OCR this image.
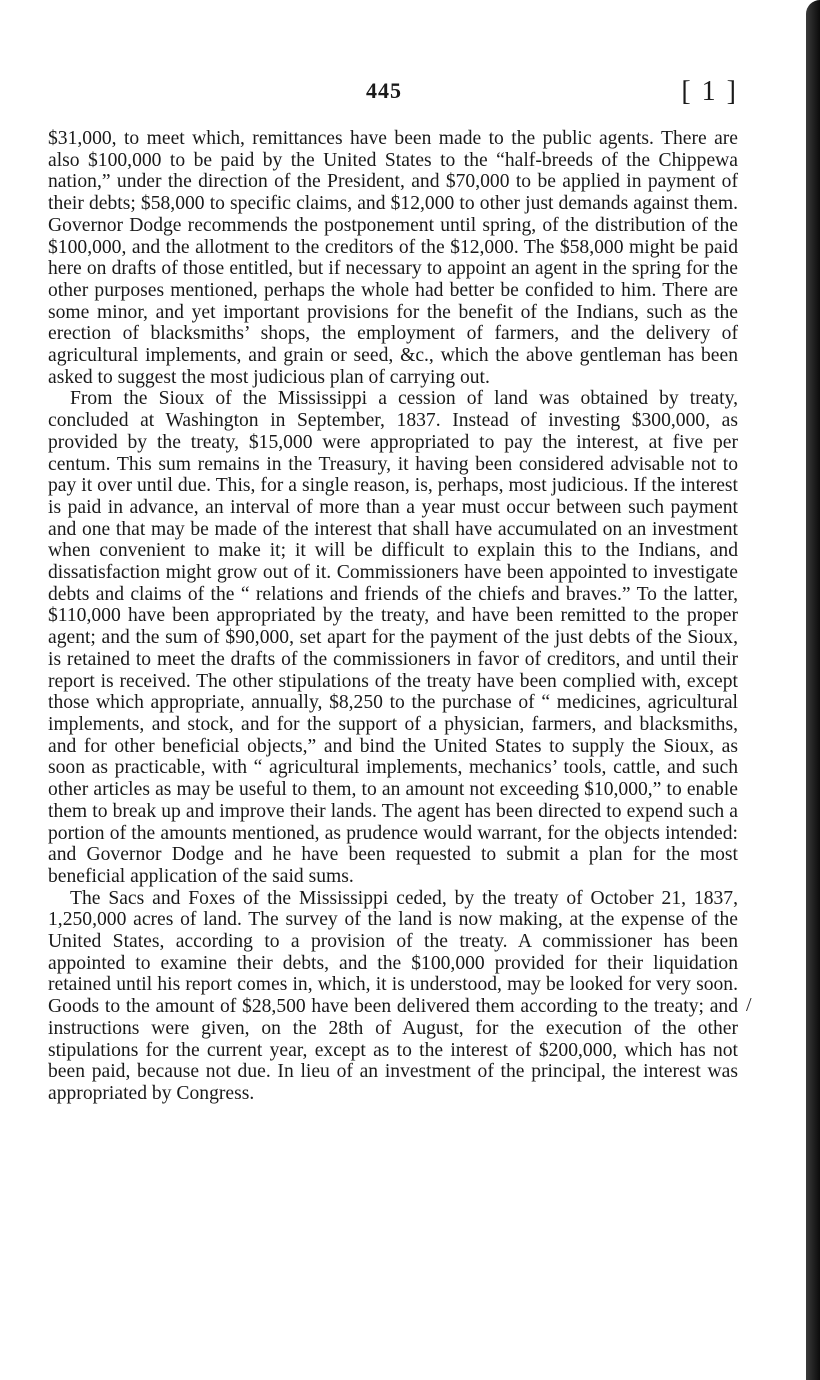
445	[ 1 ]

$31,000, to meet which, remittances have been made to the public agents. There are also $100,000 to be paid by the United States to the “half-breeds of the Chippewa nation,” under the direction of the President, and $70,000 to be applied in payment of their debts; $58,000 to specific claims, and $12,000 to other just demands against them. Governor Dodge recommends the postponement until spring, of the distribution of the $100,000, and the allotment to the creditors of the $12,000. The $58,000 might be paid here on drafts of those entitled, but if necessary to appoint an agent in the spring for the other purposes mentioned, perhaps the whole had better be confided to him. There are some minor, and yet important provisions for the benefit of the Indians, such as the erection of blacksmiths’ shops, the employment of farmers, and the delivery of agricultural implements, and grain or seed, &c., which the above gentleman has been asked to suggest the most judicious plan of carrying out.

From the Sioux of the Mississippi a cession of land was obtained by treaty, concluded at Washington in September, 1837. Instead of investing $300,000, as provided by the treaty, $15,000 were appropriated to pay the interest, at five per centum. This sum remains in the Treasury, it having been considered advisable not to pay it over until due. This, for a single reason, is, perhaps, most judicious. If the interest is paid in advance, an interval of more than a year must occur between such payment and one that may be made of the interest that shall have accumulated on an investment when convenient to make it; it will be difficult to explain this to the Indians, and dissatisfaction might grow out of it. Commissioners have been appointed to investigate debts and claims of the “ relations and friends of the chiefs and braves.” To the latter, $110,000 have been appropriated by the treaty, and have been remitted to the proper agent; and the sum of $90,000, set apart for the payment of the just debts of the Sioux, is retained to meet the drafts of the commissioners in favor of creditors, and until their report is received. The other stipulations of the treaty have been complied with, except those which appropriate, annually, $8,250 to the purchase of “ medicines, agricultural implements, and stock, and for the support of a physician, farmers, and blacksmiths, and for other beneficial objects,” and bind the United States to supply the Sioux, as soon as practicable, with “ agricultural implements, mechanics’ tools, cattle, and such other articles as may be useful to them, to an amount not exceeding $10,000,” to enable them to break up and improve their lands. The agent has been directed to expend such a portion of the amounts mentioned, as prudence would warrant, for the objects intended: and Governor Dodge and he have been requested to submit a plan for the most beneficial application of the said sums.

The Sacs and Foxes of the Mississippi ceded, by the treaty of October 21, 1837, 1,250,000 acres of land. The survey of the land is now making, at the expense of the United States, according to a provision of the treaty. A commissioner has been appointed to examine their debts, and the $100,000 provided for their liquidation retained until his report comes in, which, it is understood, may be looked for very soon. Goods to the amount of $28,500 have been delivered them according to the treaty; and instructions were given, on the 28th of August, for the execution of the other stipulations for the current year, except as to the interest of $200,000, which has not been paid, because not due. In lieu of an investment of the principal, the interest was appropriated by Congress.

/
